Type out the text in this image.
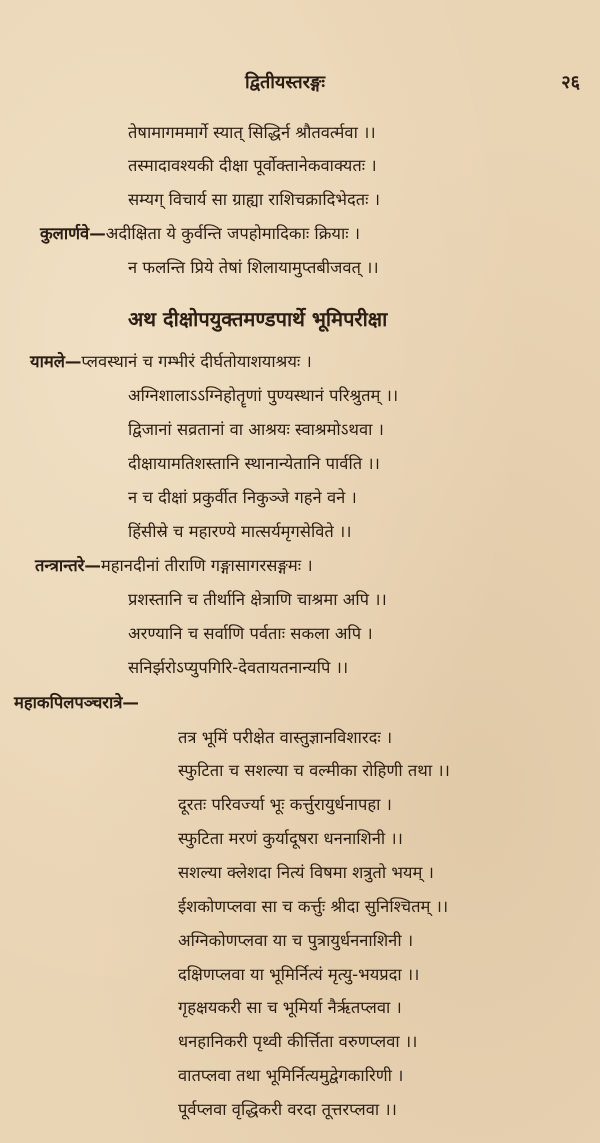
द्वितीयस्तरङ्गः	२६
तेषामागममार्गे स्यात् सिद्धिर्न श्रौतवर्त्मवा ।।
तस्मादावश्यकी दीक्षा पूर्वोक्तानेकवाक्यतः ।
सम्यग् विचार्य सा ग्राह्या राशिचक्रादिभेदतः ।
कुलार्णवे—अदीक्षिता ये कुर्वन्ति जपहोमादिकाः क्रियाः ।
न फलन्ति प्रिये तेषां शिलायामुप्तबीजवत् ।।
अथ दीक्षोपयुक्तमण्डपार्थे भूमिपरीक्षा
यामले—प्लवस्थानं च गम्भीरं दीर्घतोयाशयाश्रयः ।
अग्निशालाऽऽग्निहोतॄणां पुण्यस्थानं परिश्रुतम् ।।
द्विजानां सव्रतानां वा आश्रयः स्वाश्रमोऽथवा ।
दीक्षायामतिशस्तानि स्थानान्येतानि पार्वति ।।
न च दीक्षां प्रकुर्वीत निकुञ्जे गहने वने ।
हिंसीस्रे च महारण्ये मात्सर्यमृगसेविते ।।
तन्त्रान्तरे—महानदीनां तीराणि गङ्गासागरसङ्गमः ।
प्रशस्तानि च तीर्थानि क्षेत्राणि चाश्रमा अपि ।।
अरण्यानि च सर्वाणि पर्वताः सकला अपि ।
सनिर्झरोऽप्युपगिरि-देवतायतनान्यपि ।।
महाकपिलपञ्चरात्रे—
तत्र भूमिं परीक्षेत वास्तुज्ञानविशारदः ।
स्फुटिता च सशल्या च वल्मीका रोहिणी तथा ।।
दूरतः परिवर्ज्या भूः कर्त्तुरायुर्धनापहा ।
स्फुटिता मरणं कुर्यादूषरा धननाशिनी ।।
सशल्या क्लेशदा नित्यं विषमा शत्रुतो भयम् ।
ईशकोणप्लवा सा च कर्त्तुः श्रीदा सुनिश्चितम् ।।
अग्निकोणप्लवा या च पुत्रायुर्धननाशिनी ।
दक्षिणप्लवा या भूमिर्नित्यं मृत्यु-भयप्रदा ।।
गृहक्षयकरी सा च भूमिर्या नैर्ऋतप्लवा ।
धनहानिकरी पृथ्वी कीर्त्तिता वरुणप्लवा ।।
वातप्लवा तथा भूमिर्नित्यमुद्वेगकारिणी ।
पूर्वप्लवा वृद्धिकरी वरदा तूत्तरप्लवा ।।
